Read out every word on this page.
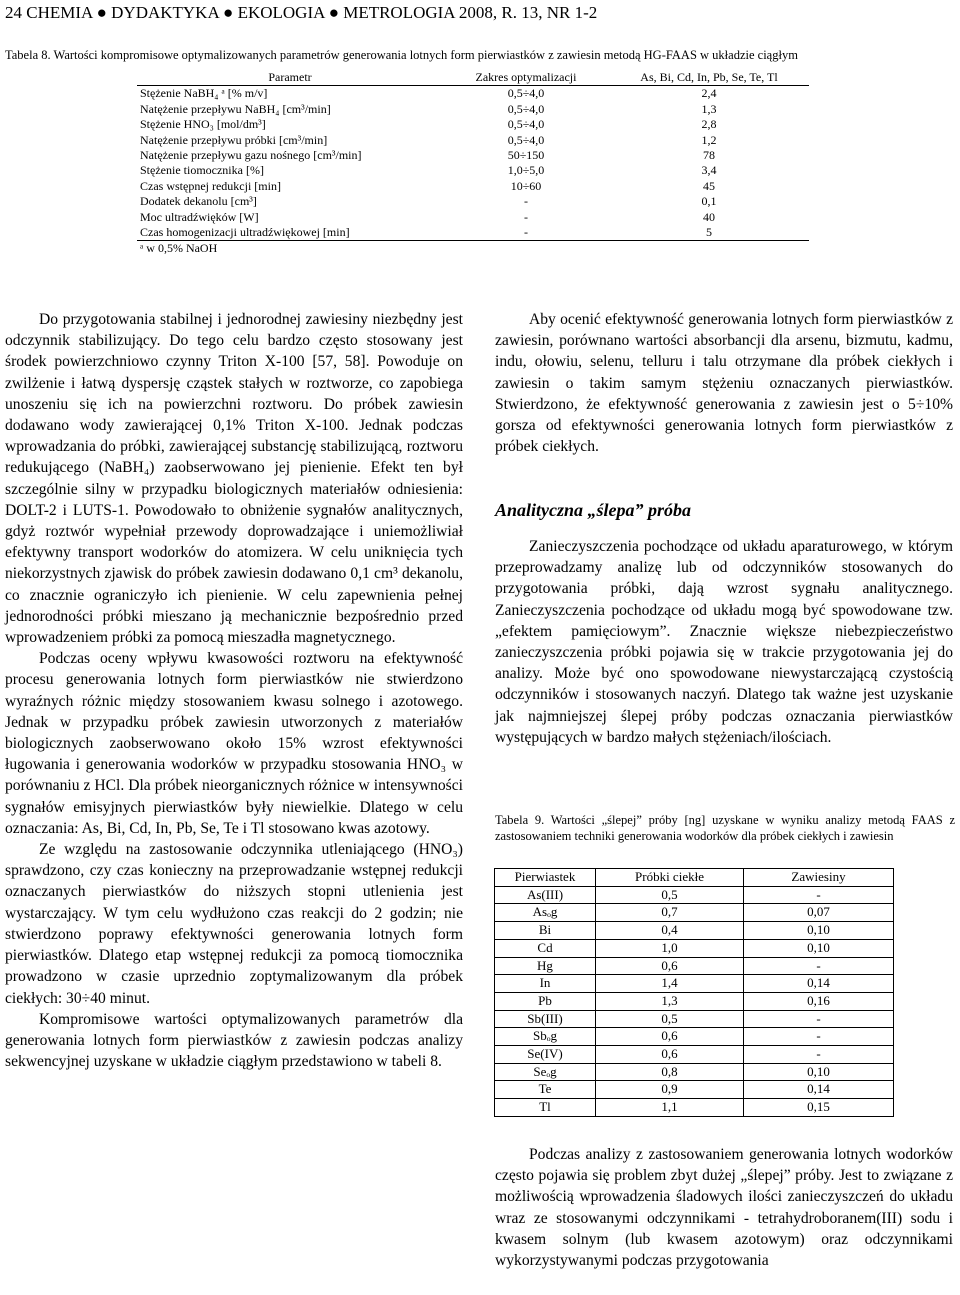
24 CHEMIA ● DYDAKTYKA ● EKOLOGIA ● METROLOGIA 2008, R. 13, NR 1-2
Tabela 8. Wartości kompromisowe optymalizowanych parametrów generowania lotnych form pierwiastków z zawiesin metodą HG-FAAS w układzie ciągłym
Parametr	Zakres optymalizacji	As, Bi, Cd, In, Pb, Se, Te, Tl
Stężenie NaBH₄ ᵃ [% m/v]	0,5÷4,0	2,4
Natężenie przepływu NaBH₄ [cm³/min]	0,5÷4,0	1,3
Stężenie HNO₃ [mol/dm³]	0,5÷4,0	2,8
Natężenie przepływu próbki [cm³/min]	0,5÷4,0	1,2
Natężenie przepływu gazu nośnego [cm³/min]	50÷150	78
Stężenie tiomocznika [%]	1,0÷5,0	3,4
Czas wstępnej redukcji [min]	10÷60	45
Dodatek dekanolu [cm³]	-	0,1
Moc ultradźwięków [W]	-	40
Czas homogenizacji ultradźwiękowej [min]	-	5
ᵃ w 0,5% NaOH		

Do przygotowania stabilnej i jednorodnej zawiesiny niezbędny jest odczynnik stabilizujący. Do tego celu bardzo często stosowany jest środek powierzchniowo czynny Triton X-100 [57, 58]. Powoduje on zwilżenie i łatwą dyspersję cząstek stałych w roztworze, co zapobiega unoszeniu się ich na powierzchni roztworu. Do próbek zawiesin dodawano wody zawierającej 0,1% Triton X-100. Jednak podczas wprowadzania do próbki, zawierającej substancję stabilizującą, roztworu redukującego (NaBH₄) zaobserwowano jej pienienie. Efekt ten był szczególnie silny w przypadku biologicznych materiałów odniesienia: DOLT-2 i LUTS-1. Powodowało to obniżenie sygnałów analitycznych, gdyż roztwór wypełniał przewody doprowadzające i uniemożliwiał efektywny transport wodorków do atomizera. W celu uniknięcia tych niekorzystnych zjawisk do próbek zawiesin dodawano 0,1 cm³ dekanolu, co znacznie ograniczyło ich pienienie. W celu zapewnienia pełnej jednorodności próbki mieszano ją mechanicznie bezpośrednio przed wprowadzeniem próbki za pomocą mieszadła magnetycznego.

Podczas oceny wpływu kwasowości roztworu na efektywność procesu generowania lotnych form pierwiastków nie stwierdzono wyraźnych różnic między stosowaniem kwasu solnego i azotowego. Jednak w przypadku próbek zawiesin utworzonych z materiałów biologicznych zaobserwowano około 15% wzrost efektywności ługowania i generowania wodorków w przypadku stosowania HNO₃ w porównaniu z HCl. Dla próbek nieorganicznych różnice w intensywności sygnałów emisyjnych pierwiastków były niewielkie. Dlatego w celu oznaczania: As, Bi, Cd, In, Pb, Se, Te i Tl stosowano kwas azotowy.

Ze względu na zastosowanie odczynnika utleniającego (HNO₃) sprawdzono, czy czas konieczny na przeprowadzanie wstępnej redukcji oznaczanych pierwiastków do niższych stopni utlenienia jest wystarczający. W tym celu wydłużono czas reakcji do 2 godzin; nie stwierdzono poprawy efektywności generowania lotnych form pierwiastków. Dlatego etap wstępnej redukcji za pomocą tiomocznika prowadzono w czasie uprzednio zoptymalizowanym dla próbek ciekłych: 30÷40 minut.

Kompromisowe wartości optymalizowanych parametrów dla generowania lotnych form pierwiastków z zawiesin podczas analizy sekwencyjnej uzyskane w układzie ciągłym przedstawiono w tabeli 8.

Aby ocenić efektywność generowania lotnych form pierwiastków z zawiesin, porównano wartości absorbancji dla arsenu, bizmutu, kadmu, indu, ołowiu, selenu, telluru i talu otrzymane dla próbek ciekłych i zawiesin o takim samym stężeniu oznaczanych pierwiastków. Stwierdzono, że efektywność generowania z zawiesin jest o 5÷10% gorsza od efektywności generowania lotnych form pierwiastków z próbek ciekłych.

Analityczna „ślepa” próba

Zanieczyszczenia pochodzące od układu aparaturowego, w którym przeprowadzamy analizę lub od odczynników stosowanych do przygotowania próbki, dają wzrost sygnału analitycznego. Zanieczyszczenia pochodzące od układu mogą być spowodowane tzw. „efektem pamięciowym”. Znacznie większe niebezpieczeństwo zanieczyszczenia próbki pojawia się w trakcie przygotowania jej do analizy. Może być ono spowodowane niewystarczającą czystością odczynników i stosowanych naczyń. Dlatego tak ważne jest uzyskanie jak najmniejszej ślepej próby podczas oznaczania pierwiastków występujących w bardzo małych stężeniach/ilościach.

Tabela 9. Wartości „ślepej” próby [ng] uzyskane w wyniku analizy metodą FAAS z zastosowaniem techniki generowania wodorków dla próbek ciekłych i zawiesin
Pierwiastek	Próbki ciekłe	Zawiesiny
As(III)	0,5	-
Asₒg	0,7	0,07
Bi	0,4	0,10
Cd	1,0	0,10
Hg	0,6	-
In	1,4	0,14
Pb	1,3	0,16
Sb(III)	0,5	-
Sbₒg	0,6	-
Se(IV)	0,6	-
Seₒg	0,8	0,10
Te	0,9	0,14
Tl	1,1	0,15

Podczas analizy z zastosowaniem generowania lotnych wodorków często pojawia się problem zbyt dużej „ślepej” próby. Jest to związane z możliwością wprowadzenia śladowych ilości zanieczyszczeń do układu wraz ze stosowanymi odczynnikami - tetrahydroboranem(III) sodu i kwasem solnym (lub kwasem azotowym) oraz odczynnikami wykorzystywanymi podczas przygotowania
